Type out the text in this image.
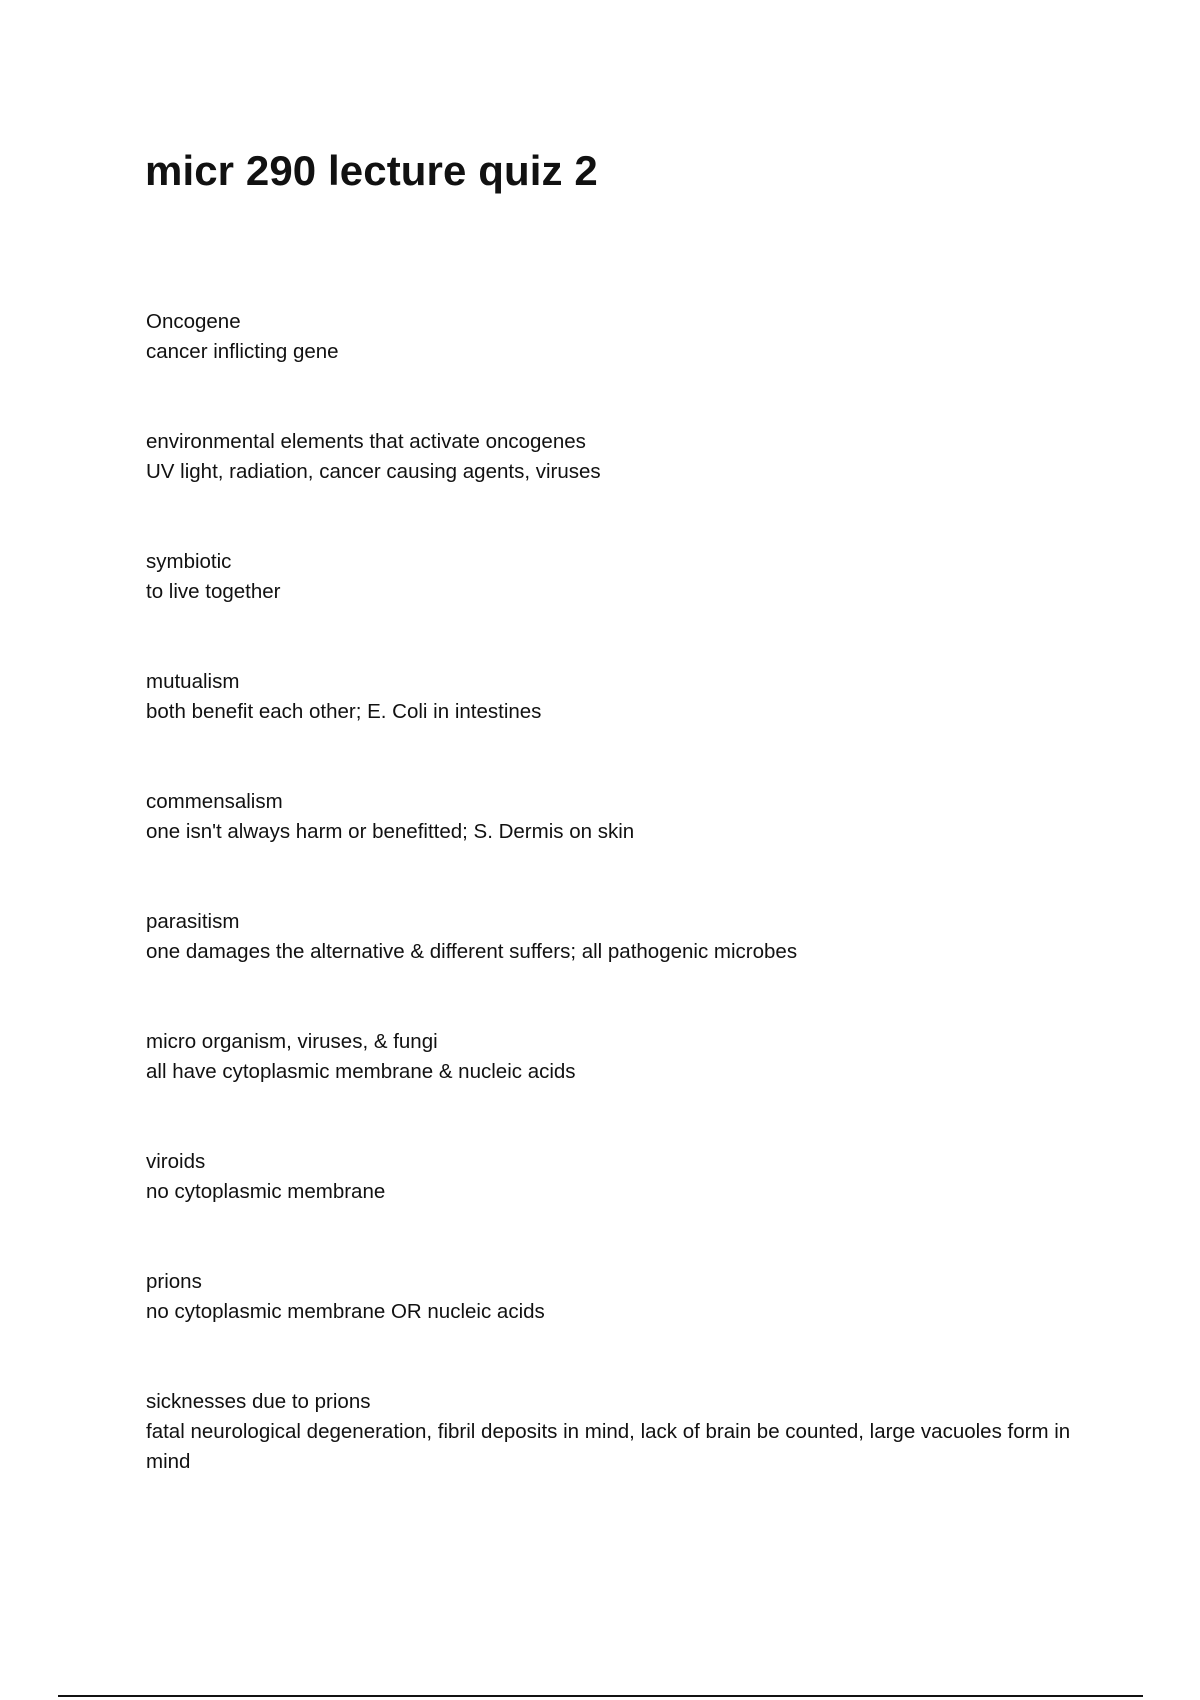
micr 290 lecture quiz 2

Oncogene

cancer inflicting gene

environmental elements that activate oncogenes

UV light, radiation, cancer causing agents, viruses

symbiotic

to live together

mutualism

both benefit each other; E. Coli in intestines

commensalism

one isn't always harm or benefitted; S. Dermis on skin

parasitism

one damages the alternative & different suffers; all pathogenic microbes

micro organism, viruses, & fungi

all have cytoplasmic membrane & nucleic acids

viroids

no cytoplasmic membrane

prions

no cytoplasmic membrane OR nucleic acids

sicknesses due to prions

fatal neurological degeneration, fibril deposits in mind, lack of brain be counted, large vacuoles form in mind
